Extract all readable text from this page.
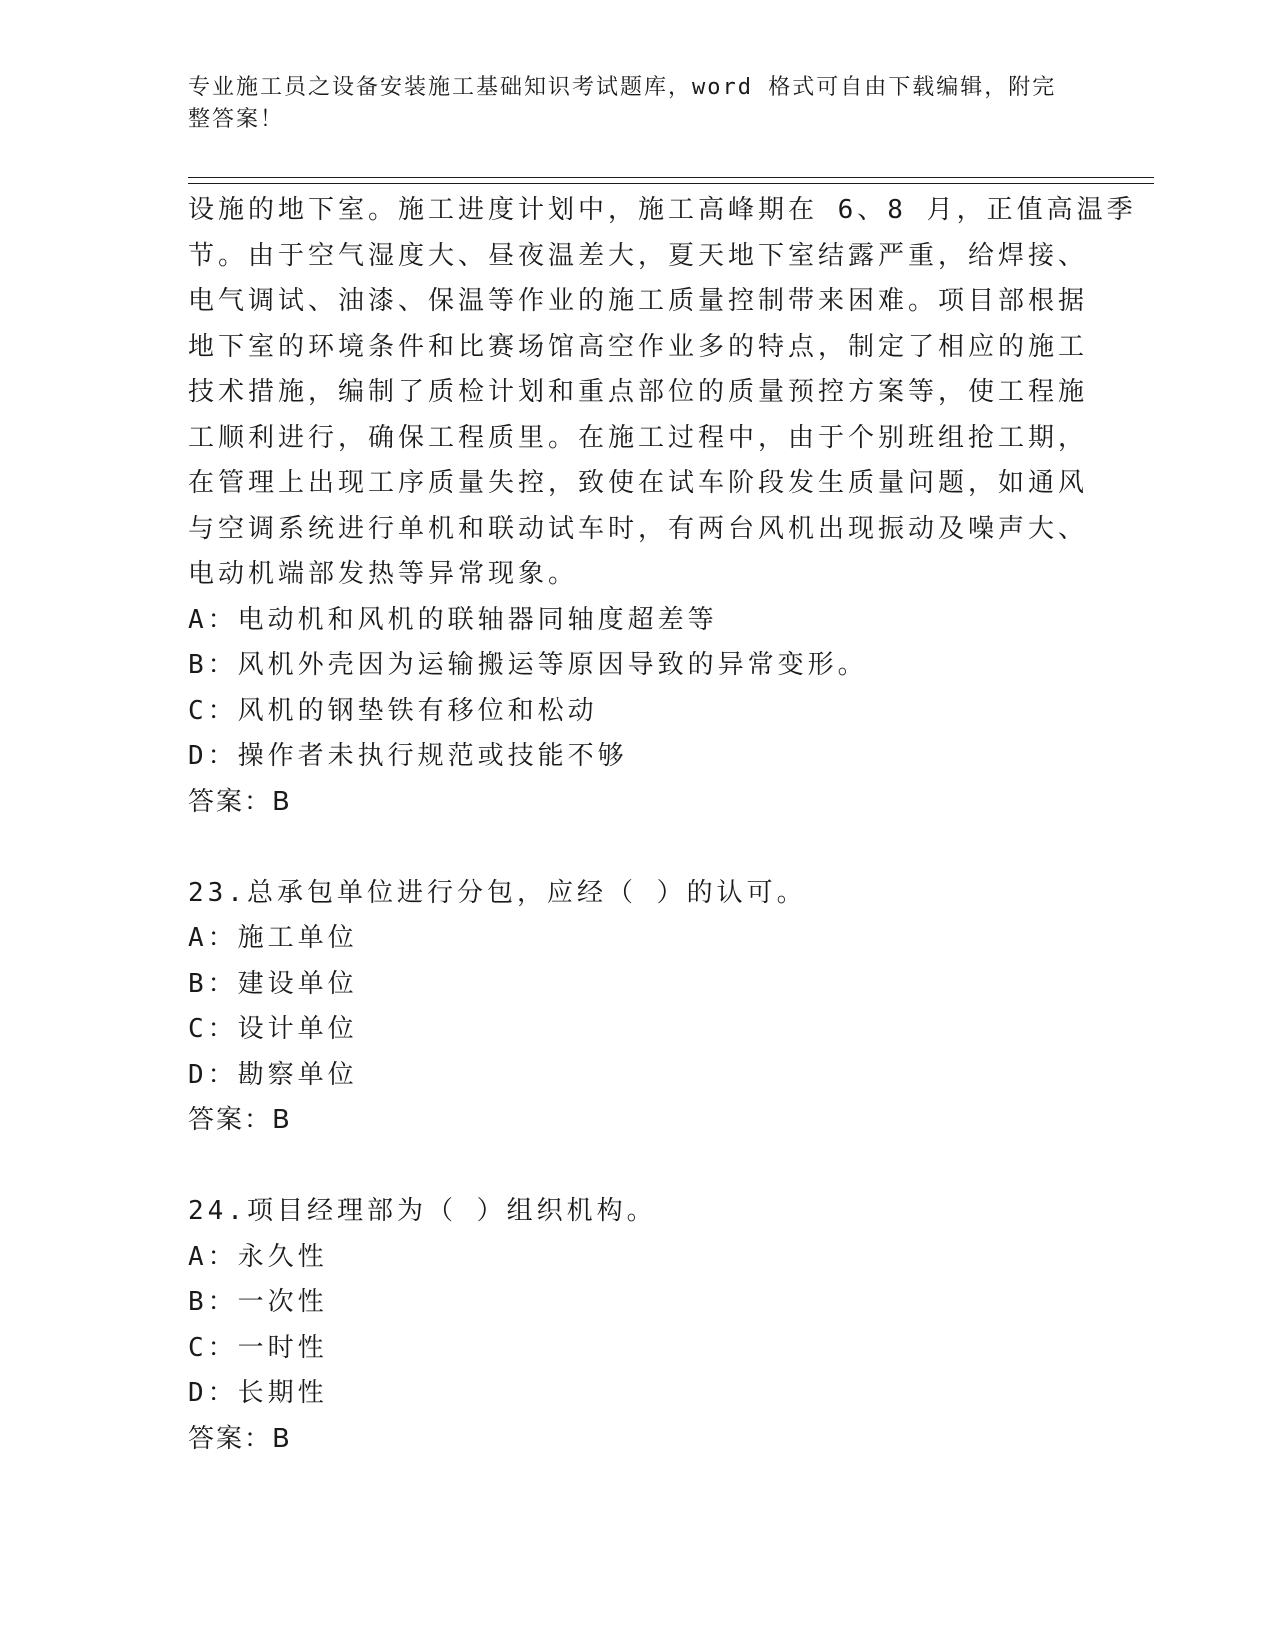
专业施工员之设备安装施工基础知识考试题库，word 格式可自由下载编辑，附完
整答案！
设施的地下室。施工进度计划中，施工高峰期在 6、8 月，正值高温季
节。由于空气湿度大、昼夜温差大，夏天地下室结露严重，给焊接、
电气调试、油漆、保温等作业的施工质量控制带来困难。项目部根据
地下室的环境条件和比赛场馆高空作业多的特点，制定了相应的施工
技术措施，编制了质检计划和重点部位的质量预控方案等，使工程施
工顺利进行，确保工程质里。在施工过程中，由于个别班组抢工期，
在管理上出现工序质量失控，致使在试车阶段发生质量问题，如通风
与空调系统进行单机和联动试车时，有两台风机出现振动及噪声大、
电动机端部发热等异常现象。
A：电动机和风机的联轴器同轴度超差等
B：风机外壳因为运输搬运等原因导致的异常变形。
C：风机的钢垫铁有移位和松动
D：操作者未执行规范或技能不够
答案：B
23.总承包单位进行分包，应经（ ）的认可。
A：施工单位
B：建设单位
C：设计单位
D：勘察单位
答案：B
24.项目经理部为（ ）组织机构。
A：永久性
B：一次性
C：一时性
D：长期性
答案：B
